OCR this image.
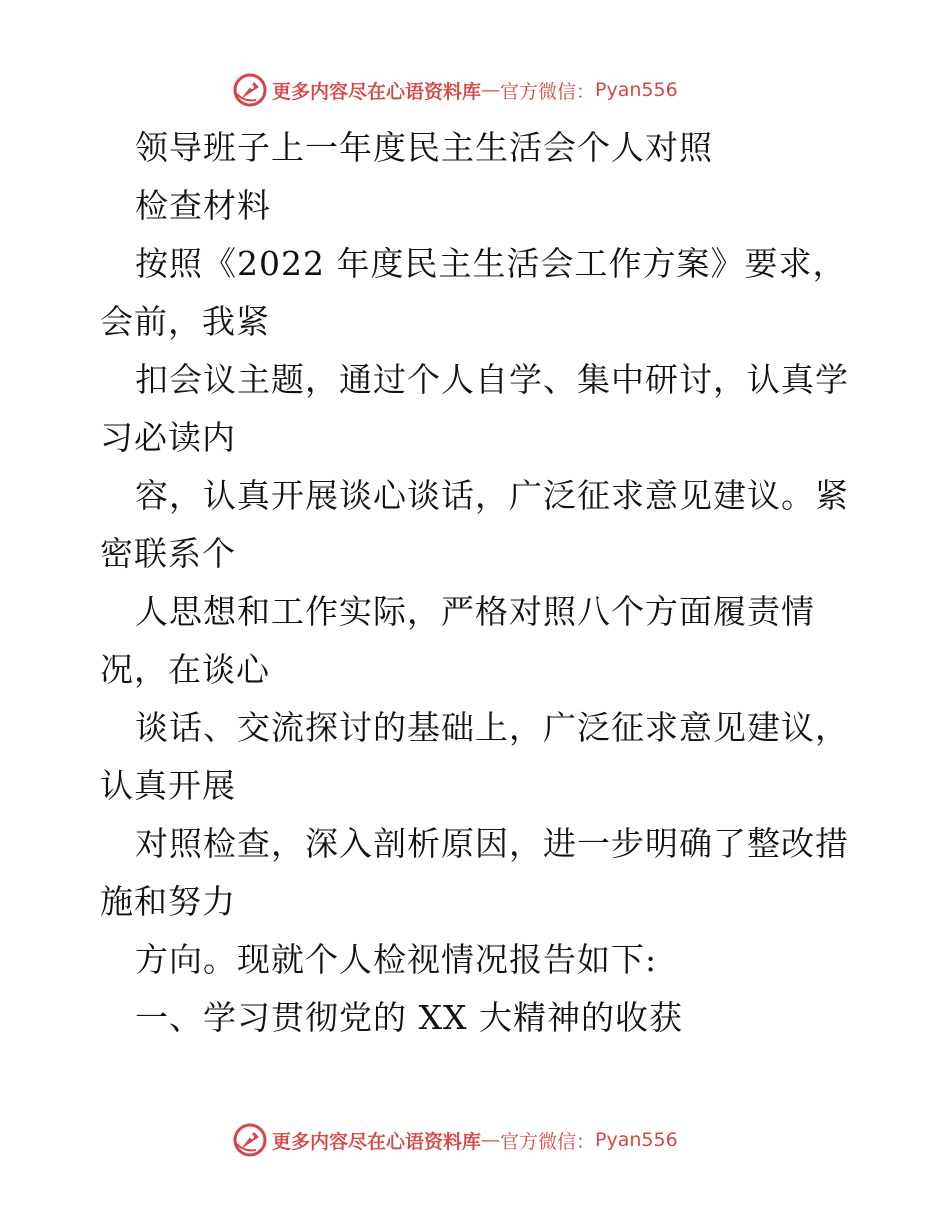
更多内容尽在心语资料库 — 官方微信： Pyan556
领导班子上一年度民主生活会个人对照
检查材料
按照《2022 年度民主生活会工作方案》要求，
会前，我紧
扣会议主题，通过个人自学、集中研讨，认真学
习必读内
容，认真开展谈心谈话，广泛征求意见建议。紧
密联系个
人思想和工作实际，严格对照八个方面履责情
况，在谈心
谈话、交流探讨的基础上，广泛征求意见建议，
认真开展
对照检查，深入剖析原因，进一步明确了整改措
施和努力
方向。现就个人检视情况报告如下:
一、学习贯彻党的 XX 大精神的收获
更多内容尽在心语资料库 — 官方微信： Pyan556
